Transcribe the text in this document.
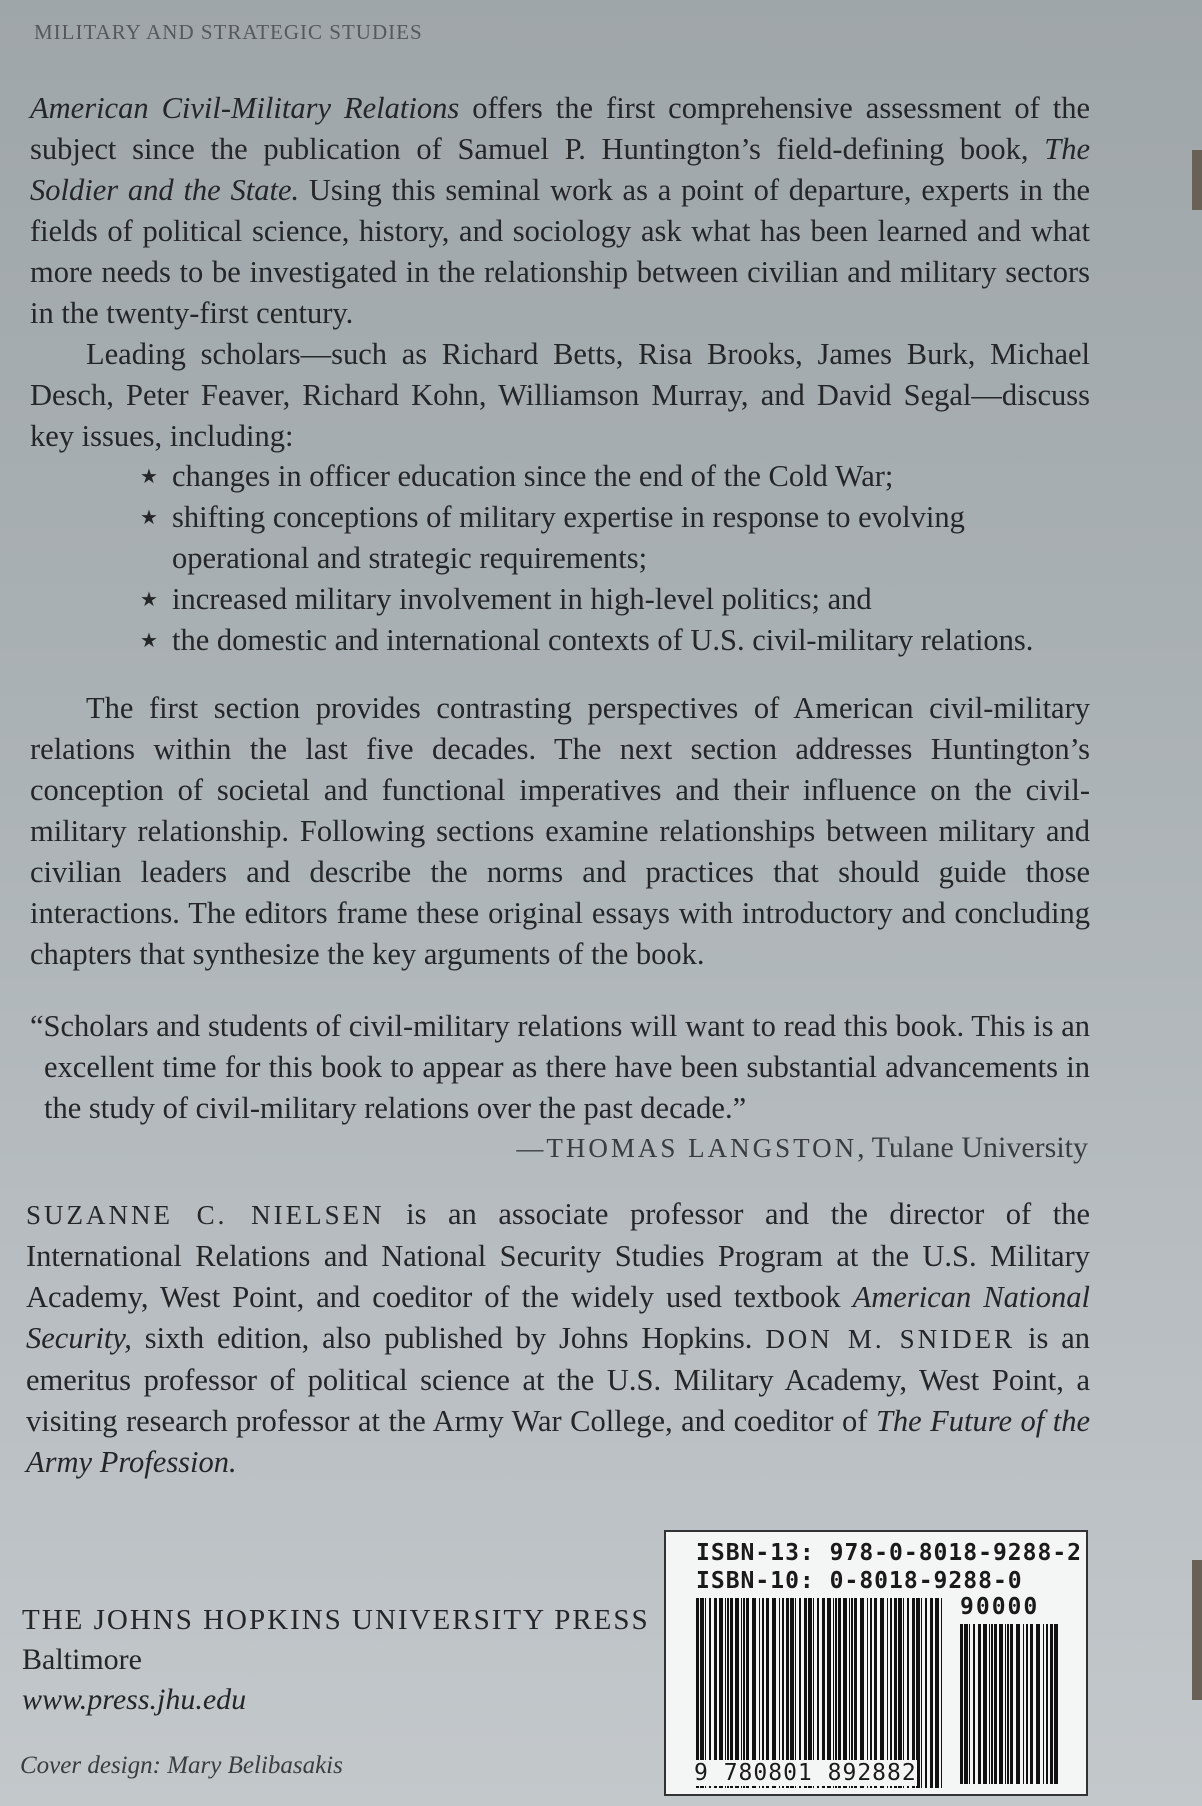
MILITARY AND STRATEGIC STUDIES

American Civil-Military Relations offers the first comprehensive assessment of the subject since the publication of Samuel P. Huntington’s field-defining book, The Soldier and the State. Using this seminal work as a point of departure, experts in the fields of political science, history, and sociology ask what has been learned and what more needs to be investigated in the relationship between civilian and military sectors in the twenty-first century.

Leading scholars—such as Richard Betts, Risa Brooks, James Burk, Michael Desch, Peter Feaver, Richard Kohn, Williamson Murray, and David Segal—discuss key issues, including:

★ changes in officer education since the end of the Cold War;
★ shifting conceptions of military expertise in response to evolving operational and strategic requirements;
★ increased military involvement in high-level politics; and
★ the domestic and international contexts of U.S. civil-military relations.

The first section provides contrasting perspectives of American civil-military relations within the last five decades. The next section addresses Huntington’s conception of societal and functional imperatives and their influence on the civil-military relationship. Following sections examine relationships between military and civilian leaders and describe the norms and practices that should guide those interactions. The editors frame these original essays with introductory and concluding chapters that synthesize the key arguments of the book.

“Scholars and students of civil-military relations will want to read this book. This is an excellent time for this book to appear as there have been substantial advancements in the study of civil-military relations over the past decade.”

—THOMAS LANGSTON, Tulane University

SUZANNE C. NIELSEN is an associate professor and the director of the International Relations and National Security Studies Program at the U.S. Military Academy, West Point, and coeditor of the widely used textbook American National Security, sixth edition, also published by Johns Hopkins. DON M. SNIDER is an emeritus professor of political science at the U.S. Military Academy, West Point, a visiting research professor at the Army War College, and coeditor of The Future of the Army Profession.

THE JOHNS HOPKINS UNIVERSITY PRESS
Baltimore
www.press.jhu.edu
Cover design: Mary Belibasakis
ISBN-13: 978-0-8018-9288-2
ISBN-10: 0-8018-9288-0
90000
9 780801 892882
